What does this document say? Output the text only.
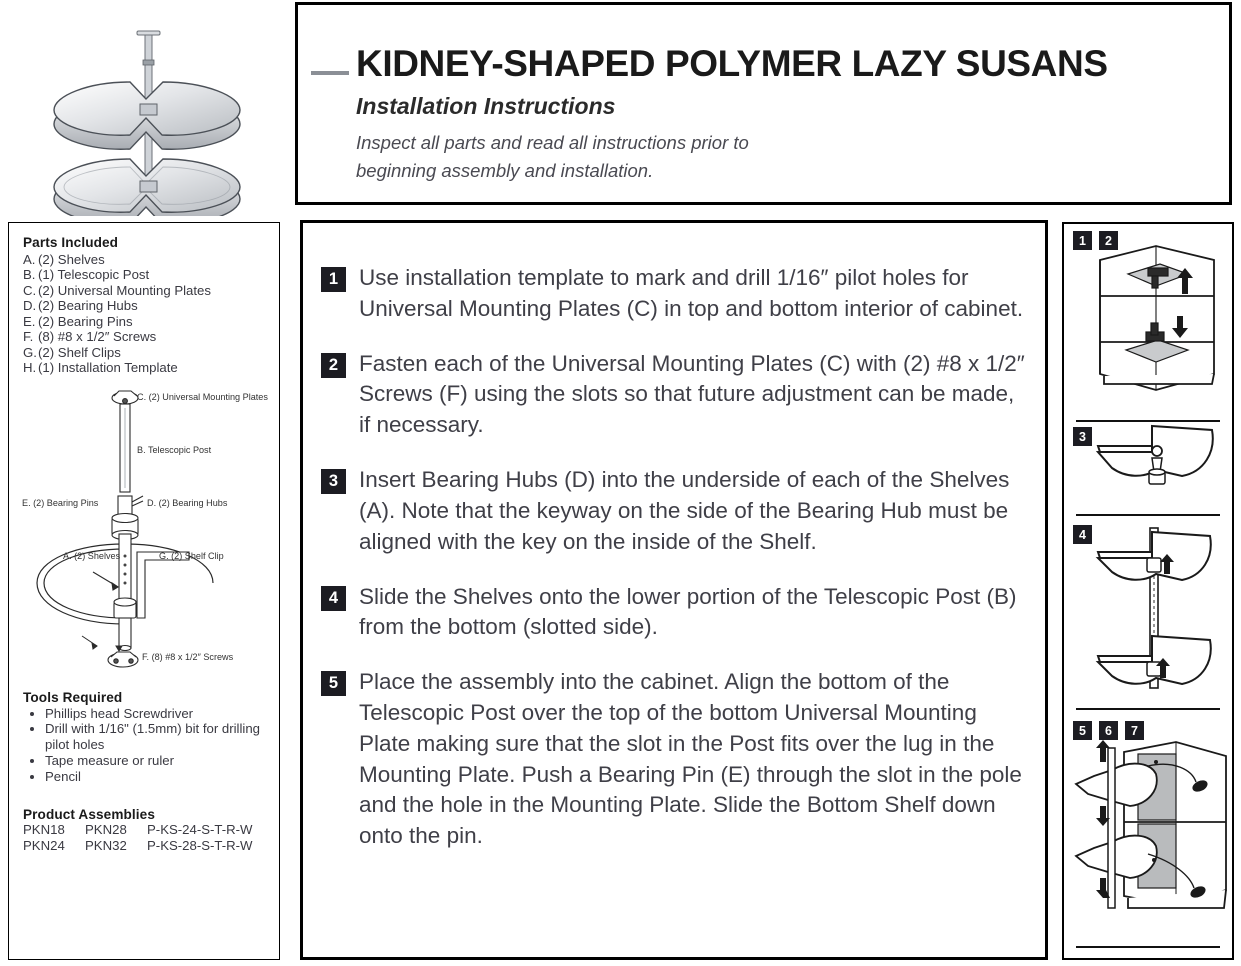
KIDNEY-SHAPED POLYMER LAZY SUSANS
Installation Instructions
Inspect all parts and read all instructions prior to
beginning assembly and installation.
Parts Included
A. (2) Shelves
B. (1) Telescopic Post
C. (2) Universal Mounting Plates
D. (2) Bearing Hubs
E. (2) Bearing Pins
F. (8) #8 x 1/2″ Screws
G.(2) Shelf Clips
H. (1) Installation Template
C. (2) Universal Mounting Plates
B. Telescopic Post
E. (2) Bearing Pins	D. (2) Bearing Hubs
A. (2) Shelves	G. (2) Shelf Clip
F. (8) #8 x 1/2″ Screws
Tools Required
Phillips head Screwdriver
Drill with 1/16" (1.5mm) bit for drilling pilot holes
Tape measure or ruler
Pencil
Product Assemblies
PKN18	PKN28	P-KS-24-S-T-R-W
PKN24	PKN32	P-KS-28-S-T-R-W
1 Use installation template to mark and drill 1/16″ pilot holes for Universal Mounting Plates (C) in top and bottom interior of cabinet.
2 Fasten each of the Universal Mounting Plates (C) with (2) #8 x 1/2″ Screws (F) using the slots so that future adjustment can be made, if necessary.
3 Insert Bearing Hubs (D) into the underside of each of the Shelves (A). Note that the keyway on the side of the Bearing Hub must be aligned with the key on the inside of the Shelf.
4 Slide the Shelves onto the lower portion of the Telescopic Post (B) from the bottom (slotted side).
5 Place the assembly into the cabinet. Align the bottom of the Telescopic Post over the top of the bottom Universal Mounting Plate making sure that the slot in the Post fits over the lug in the Mounting Plate. Push a Bearing Pin (E) through the slot in the pole and the hole in the Mounting Plate. Slide the Bottom Shelf down onto the pin.
1	2
3
4
5	6	7
